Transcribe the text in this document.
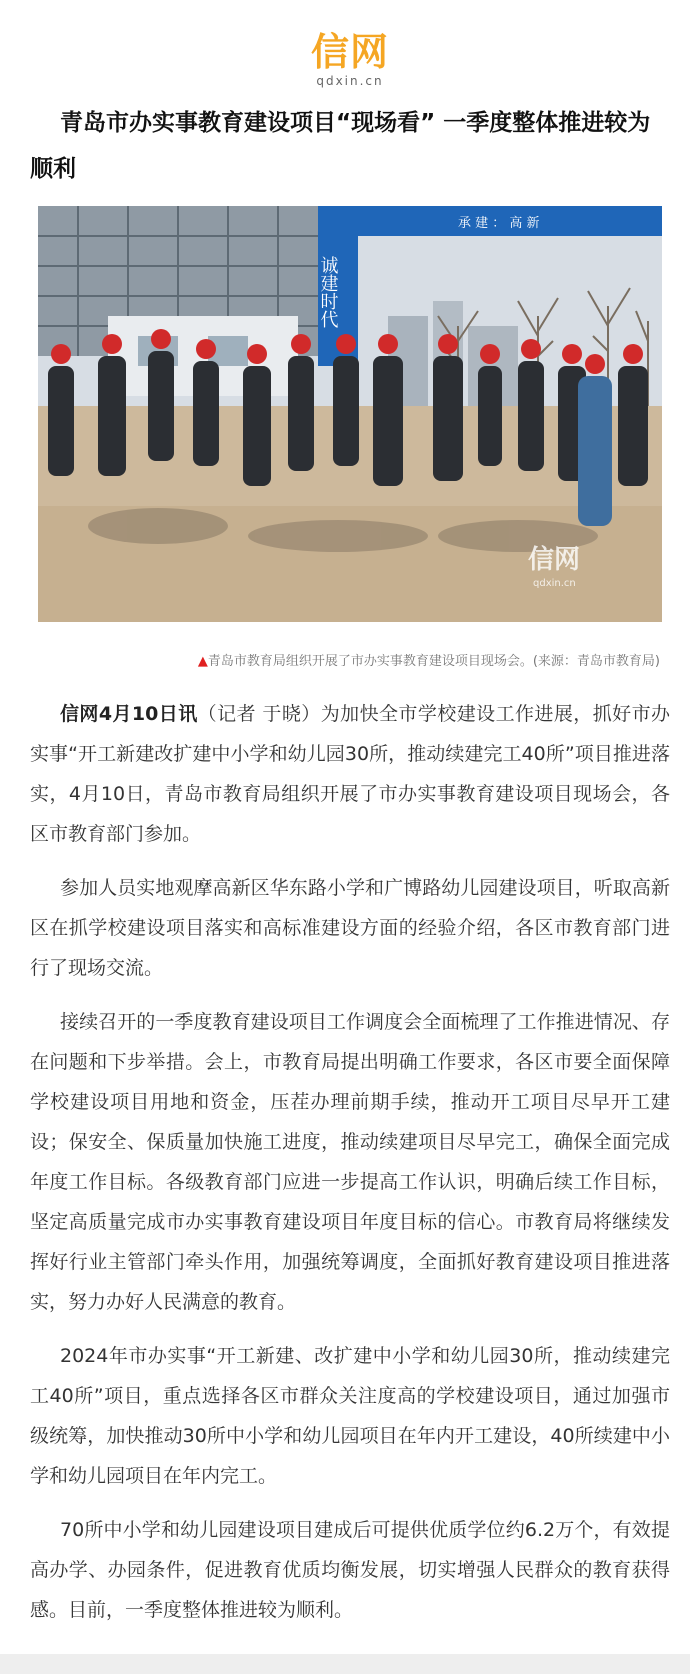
信网
qdxin.cn
青岛市办实事教育建设项目“现场看” 一季度整体推进较为顺利
承 建 ： 高 新
诚建时代
信网
qdxin.cn
▲青岛市教育局组织开展了市办实事教育建设项目现场会。(来源：青岛市教育局)

信网4月10日讯（记者 于晓）为加快全市学校建设工作进展，抓好市办实事“开工新建改扩建中小学和幼儿园30所，推动续建完工40所”项目推进落实，4月10日，青岛市教育局组织开展了市办实事教育建设项目现场会，各区市教育部门参加。

参加人员实地观摩高新区华东路小学和广博路幼儿园建设项目，听取高新区在抓学校建设项目落实和高标准建设方面的经验介绍，各区市教育部门进行了现场交流。

接续召开的一季度教育建设项目工作调度会全面梳理了工作推进情况、存在问题和下步举措。会上，市教育局提出明确工作要求，各区市要全面保障学校建设项目用地和资金，压茬办理前期手续，推动开工项目尽早开工建设；保安全、保质量加快施工进度，推动续建项目尽早完工，确保全面完成年度工作目标。各级教育部门应进一步提高工作认识，明确后续工作目标，坚定高质量完成市办实事教育建设项目年度目标的信心。市教育局将继续发挥好行业主管部门牵头作用，加强统筹调度，全面抓好教育建设项目推进落实，努力办好人民满意的教育。

2024年市办实事“开工新建、改扩建中小学和幼儿园30所，推动续建完工40所”项目，重点选择各区市群众关注度高的学校建设项目，通过加强市级统筹，加快推动30所中小学和幼儿园项目在年内开工建设，40所续建中小学和幼儿园项目在年内完工。

70所中小学和幼儿园建设项目建成后可提供优质学位约6.2万个，有效提高办学、办园条件，促进教育优质均衡发展，切实增强人民群众的教育获得感。目前，一季度整体推进较为顺利。
